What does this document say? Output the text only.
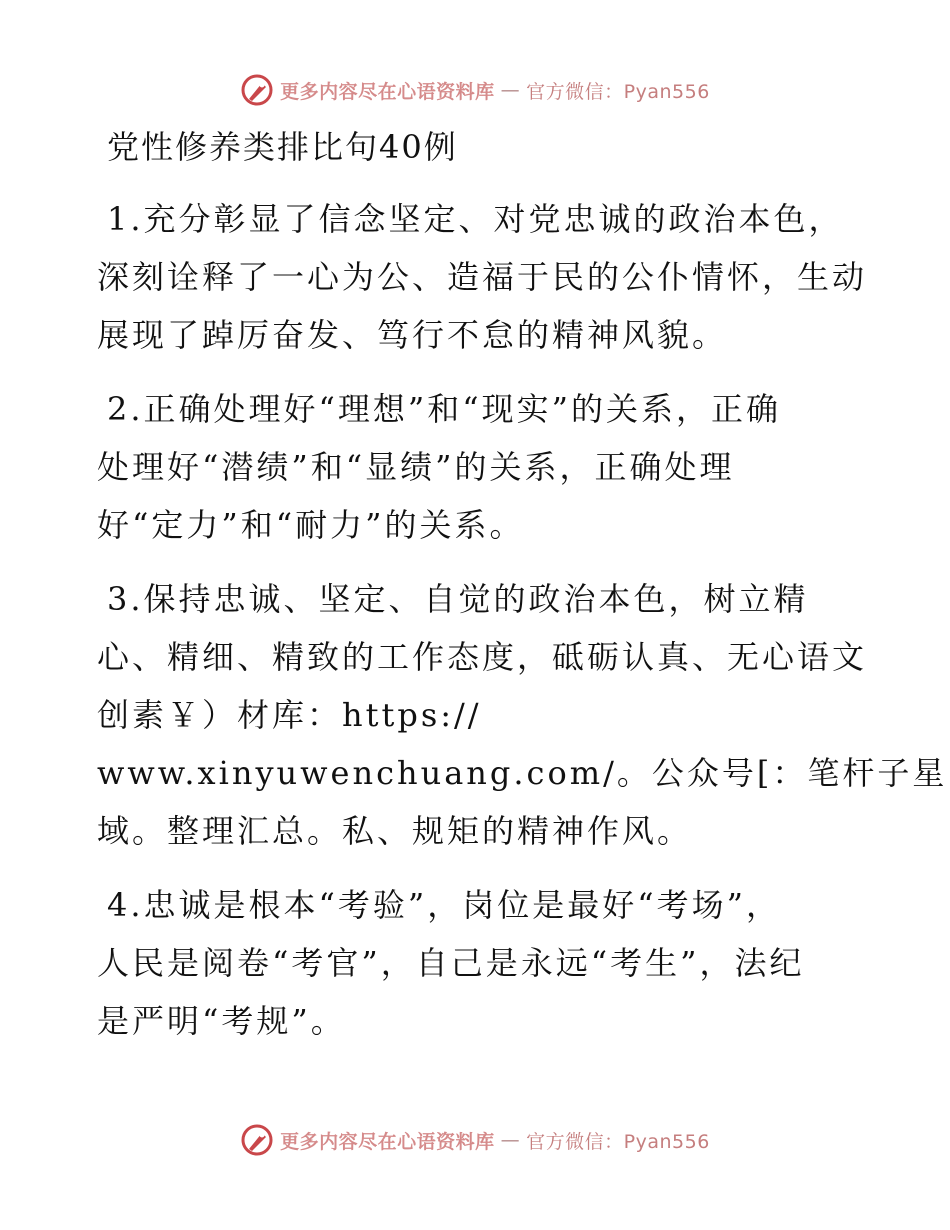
更多内容尽在心语资料库 — 官方微信：Pyan556
党性修养类排比句40例
1.充分彰显了信念坚定、对党忠诚的政治本色，
深刻诠释了一心为公、造福于民的公仆情怀，生动
展现了踔厉奋发、笃行不怠的精神风貌。
2.正确处理好“理想”和“现实”的关系，正确
处理好“潜绩”和“显绩”的关系，正确处理
好“定力”和“耐力”的关系。
3.保持忠诚、坚定、自觉的政治本色，树立精
心、精细、精致的工作态度，砥砺认真、无心语文
创素￥）材库：https://
www.xinyuwenchuang.com/。公众号[：笔杆子星
域。整理汇总。私、规矩的精神作风。
4.忠诚是根本“考验”，岗位是最好“考场”，
人民是阅卷“考官”，自己是永远“考生”，法纪
是严明“考规”。
更多内容尽在心语资料库 — 官方微信：Pyan556
